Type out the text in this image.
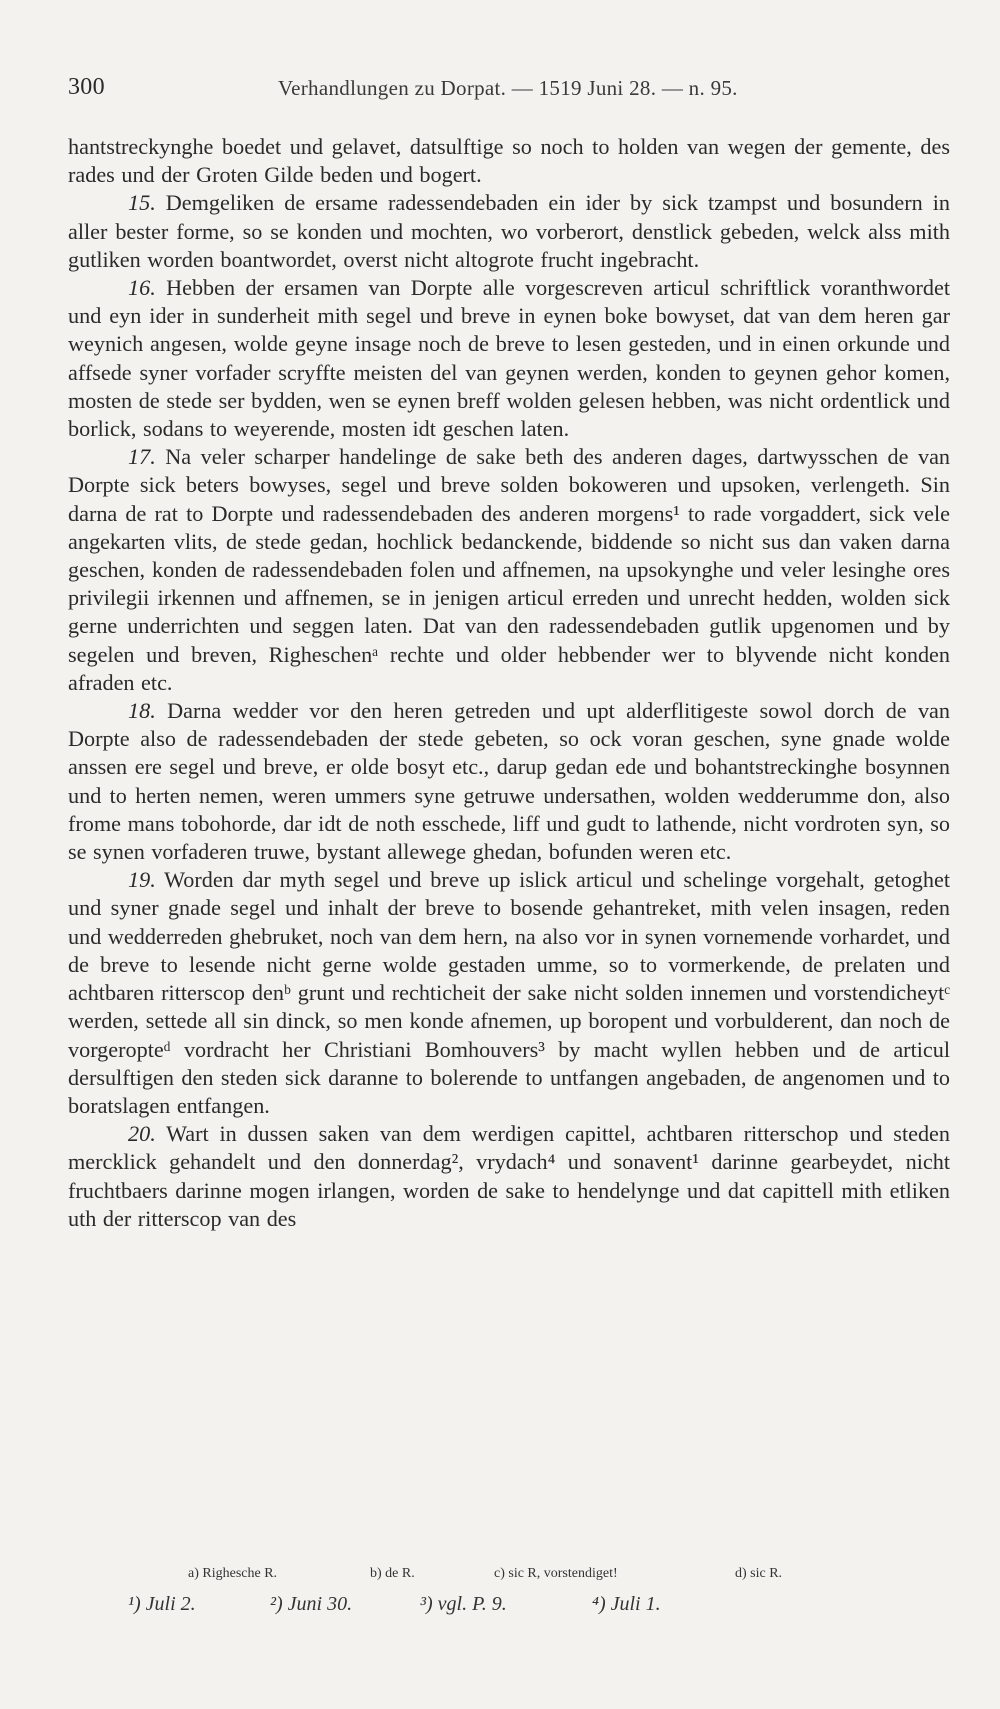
300	Verhandlungen zu Dorpat. — 1519 Juni 28. — n. 95.

hantstreckynghe boedet und gelavet, datsulftige so noch to holden van wegen der gemente, des rades und der Groten Gilde beden und bogert.

15. Demgeliken de ersame radessendebaden ein ider by sick tzampst und bosundern in aller bester forme, so se konden und mochten, wo vorberort, denstlick gebeden, welck alss mith gutliken worden boantwordet, overst nicht altogrote frucht ingebracht.

16. Hebben der ersamen van Dorpte alle vorgescreven articul schriftlick voranthwordet und eyn ider in sunderheit mith segel und breve in eynen boke bowyset, dat van dem heren gar weynich angesen, wolde geyne insage noch de breve to lesen gesteden, und in einen orkunde und affsede syner vorfader scryffte meisten del van geynen werden, konden to geynen gehor komen, mosten de stede ser bydden, wen se eynen breff wolden gelesen hebben, was nicht ordentlick und borlick, sodans to weyerende, mosten idt geschen laten.

17. Na veler scharper handelinge de sake beth des anderen dages, dartwysschen de van Dorpte sick beters bowyses, segel und breve solden bokoweren und upsoken, verlengeth. Sin darna de rat to Dorpte und radessendebaden des anderen morgens¹ to rade vorgaddert, sick vele angekarten vlits, de stede gedan, hochlick bedanckende, biddende so nicht sus dan vaken darna geschen, konden de radessendebaden folen und affnemen, na upsokynghe und veler lesinghe ores privilegii irkennen und affnemen, se in jenigen articul erreden und unrecht hedden, wolden sick gerne underrichten und seggen laten. Dat van den radessendebaden gutlik upgenomen und by segelen und breven, Righeschenᵃ rechte und older hebbender wer to blyvende nicht konden afraden etc.

18. Darna wedder vor den heren getreden und upt alderflitigeste sowol dorch de van Dorpte also de radessendebaden der stede gebeten, so ock voran geschen, syne gnade wolde anssen ere segel und breve, er olde bosyt etc., darup gedan ede und bohantstreckinghe bosynnen und to herten nemen, weren ummers syne getruwe undersathen, wolden wedderumme don, also frome mans tobohorde, dar idt de noth esschede, liff und gudt to lathende, nicht vordroten syn, so se synen vorfaderen truwe, bystant allewege ghedan, bofunden weren etc.

19. Worden dar myth segel und breve up islick articul und schelinge vorgehalt, getoghet und syner gnade segel und inhalt der breve to bosende gehantreket, mith velen insagen, reden und wedderreden ghebruket, noch van dem hern, na also vor in synen vornemende vorhardet, und de breve to lesende nicht gerne wolde gestaden umme, so to vormerkende, de prelaten und achtbaren ritterscop denᵇ grunt und rechticheit der sake nicht solden innemen und vorstendicheytᶜ werden, settede all sin dinck, so men konde afnemen, up boropent und vorbulderent, dan noch de vorgeropteᵈ vordracht her Christiani Bomhouvers³ by macht wyllen hebben und de articul dersulftigen den steden sick daranne to bolerende to untfangen angebaden, de angenomen und to boratslagen entfangen.

20. Wart in dussen saken van dem werdigen capittel, achtbaren ritterschop und steden mercklick gehandelt und den donnerdag², vrydach⁴ und sonavent¹ darinne gearbeydet, nicht fruchtbaers darinne mogen irlangen, worden de sake to hendelynge und dat capittell mith etliken uth der ritterscop van des

a) Righesche R.	b) de R.	c) sic R, vorstendiget!	d) sic R.
¹) Juli 2.	²) Juni 30.	³) vgl. P. 9.	⁴) Juli 1.
